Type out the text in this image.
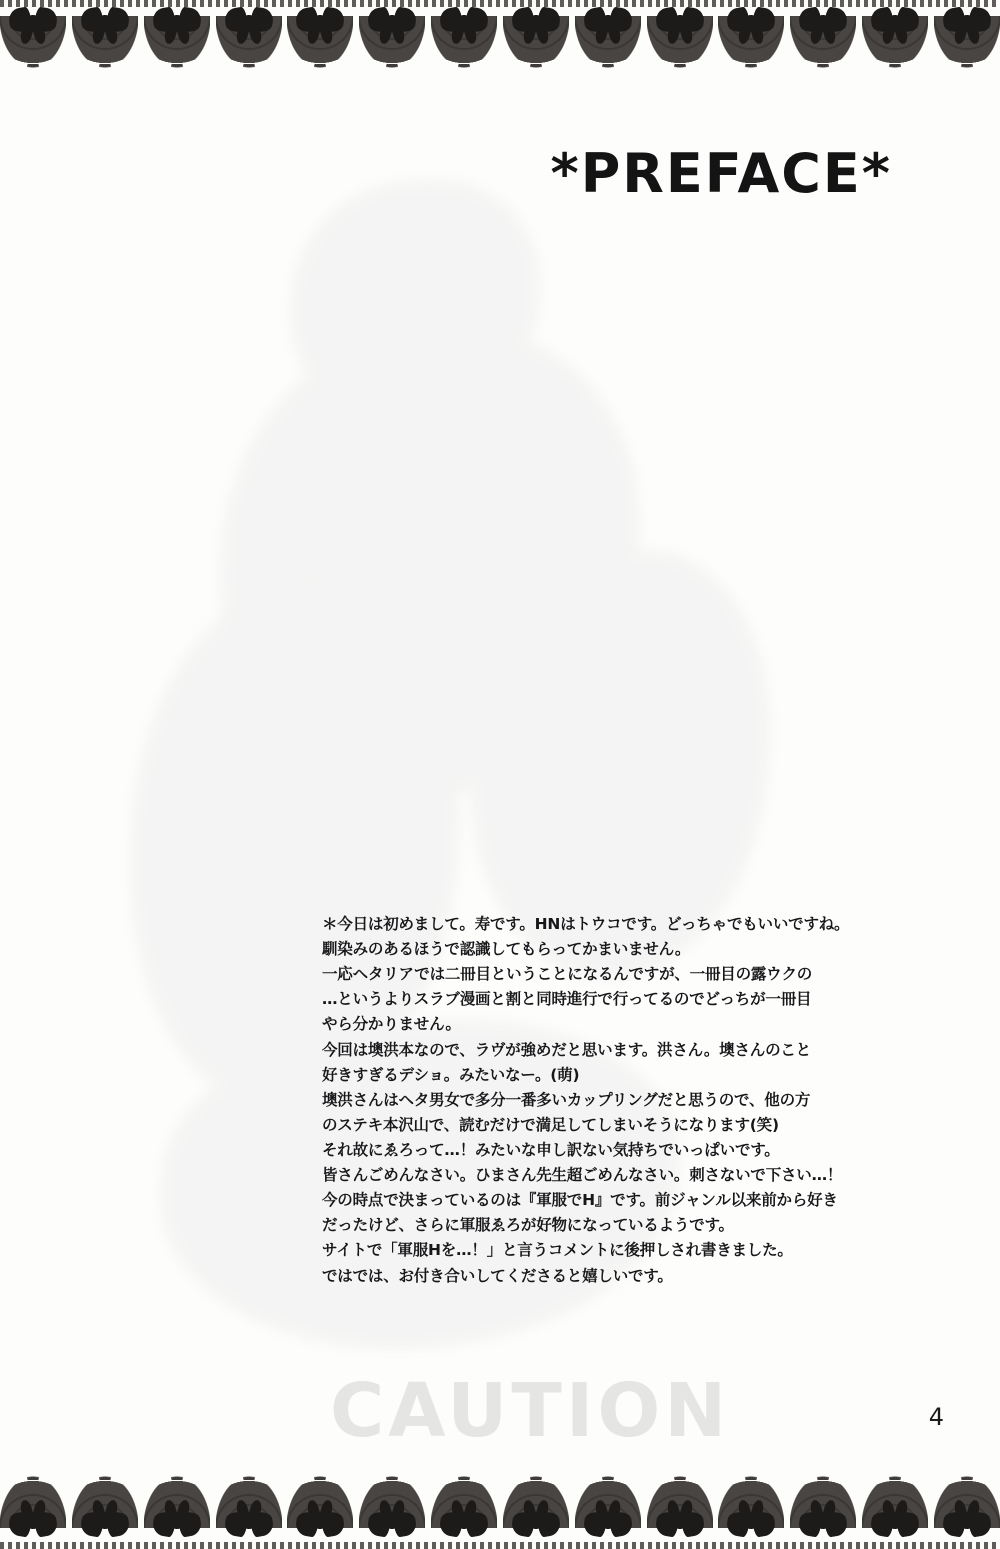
CAUTION
*PREFACE*

＊今日は初めまして。寿です。HNはトウコです。どっちゃでもいいですね。

馴染みのあるほうで認識してもらってかまいません。

一応ヘタリアでは二冊目ということになるんですが、一冊目の露ウクの

…というよりスラブ漫画と割と同時進行で行ってるのでどっちが一冊目

やら分かりません。

今回は墺洪本なので、ラヴが強めだと思います。洪さん。墺さんのこと

好きすぎるデショ。みたいなー。(萌)

墺洪さんはヘタ男女で多分一番多いカップリングだと思うので、他の方

のステキ本沢山で、読むだけで満足してしまいそうになります(笑)

それ故にゑろって…！みたいな申し訳ない気持ちでいっぱいです。

皆さんごめんなさい。ひまさん先生超ごめんなさい。刺さないで下さい…！

今の時点で決まっているのは『軍服でH』です。前ジャンル以来前から好き

だったけど、さらに軍服ゑろが好物になっているようです。

サイトで「軍服Hを…！」と言うコメントに後押しされ書きました。

ではでは、お付き合いしてくださると嬉しいです。

4
